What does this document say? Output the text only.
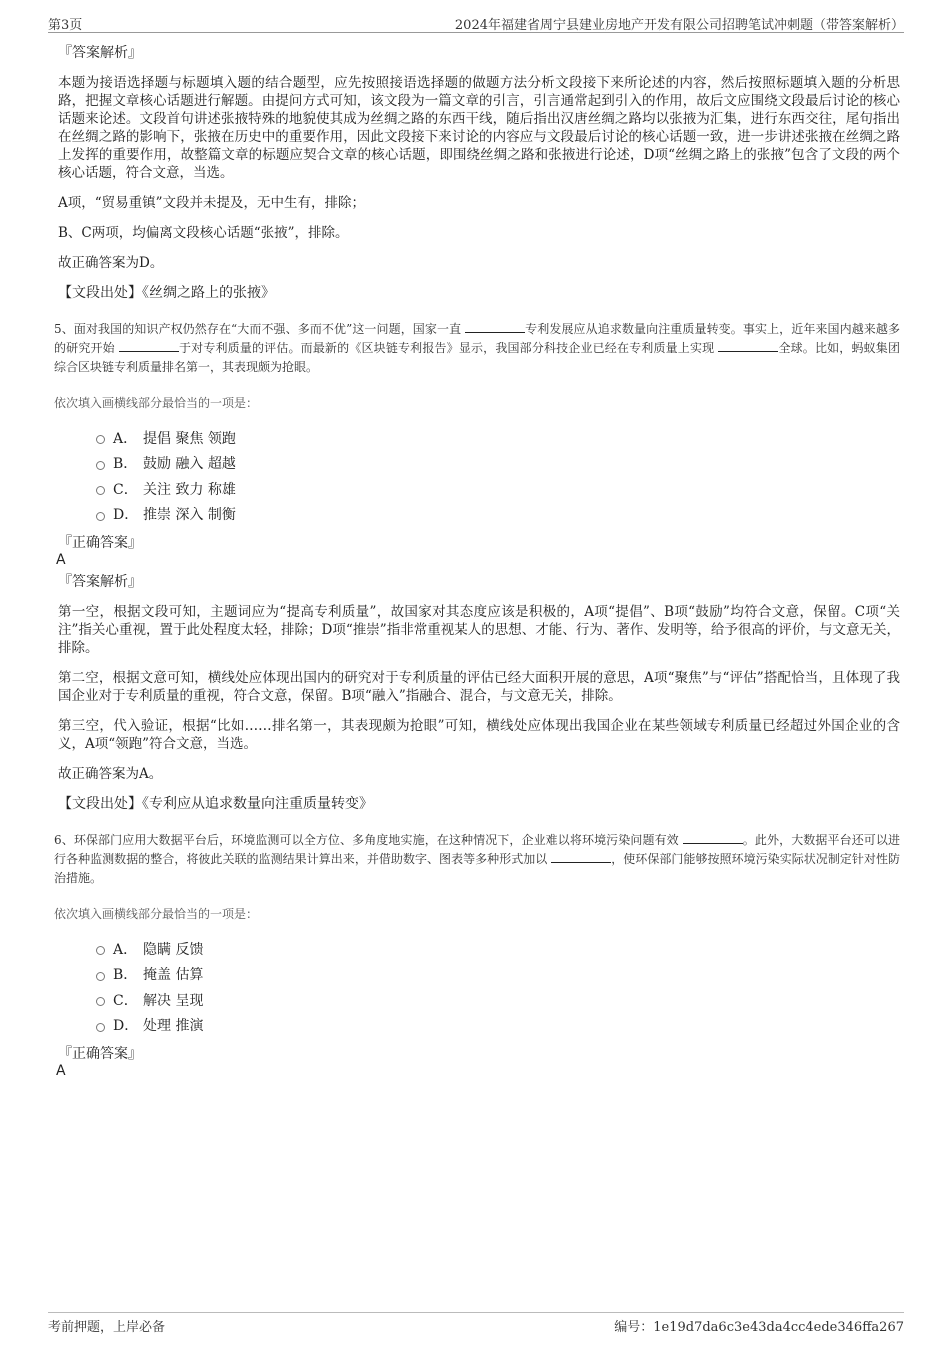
第3页	2024年福建省周宁县建业房地产开发有限公司招聘笔试冲刺题（带答案解析）
『答案解析』

本题为接语选择题与标题填入题的结合题型，应先按照接语选择题的做题方法分析文段接下来所论述的内容，然后按照标题填入题的分析思路，把握文章核心话题进行解题。由提问方式可知，该文段为一篇文章的引言，引言通常起到引入的作用，故后文应围绕文段最后讨论的核心话题来论述。文段首句讲述张掖特殊的地貌使其成为丝绸之路的东西干线，随后指出汉唐丝绸之路均以张掖为汇集，进行东西交往，尾句指出在丝绸之路的影响下，张掖在历史中的重要作用，因此文段接下来讨论的内容应与文段最后讨论的核心话题一致，进一步讲述张掖在丝绸之路上发挥的重要作用，故整篇文章的标题应契合文章的核心话题，即围绕丝绸之路和张掖进行论述，D项“丝绸之路上的张掖”包含了文段的两个核心话题，符合文意，当选。

A项，“贸易重镇”文段并未提及，无中生有，排除；

B、C两项，均偏离文段核心话题“张掖”，排除。

故正确答案为D。

【文段出处】《丝绸之路上的张掖》
5、面对我国的知识产权仍然存在“大而不强、多而不优”这一问题，国家一直	专利发展应从追求数量向注重质量转变。事实上，近年来国内越来越多的研究开始	于对专利质量的评估。而最新的《区块链专利报告》显示，我国部分科技企业已经在专利质量上实现	全球。比如，蚂蚁集团综合区块链专利质量排名第一，其表现颇为抢眼。
依次填入画横线部分最恰当的一项是：
A． 提倡 聚焦 领跑
B． 鼓励 融入 超越
C． 关注 致力 称雄
D． 推崇 深入 制衡
『正确答案』
A
『答案解析』

第一空，根据文段可知，主题词应为“提高专利质量”，故国家对其态度应该是积极的，A项“提倡”、B项“鼓励”均符合文意，保留。C项“关注”指关心重视，置于此处程度太轻，排除；D项“推崇”指非常重视某人的思想、才能、行为、著作、发明等，给予很高的评价，与文意无关，排除。

第二空，根据文意可知，横线处应体现出国内的研究对于专利质量的评估已经大面积开展的意思，A项“聚焦”与“评估”搭配恰当，且体现了我国企业对于专利质量的重视，符合文意，保留。B项“融入”指融合、混合，与文意无关，排除。

第三空，代入验证，根据“比如……排名第一，其表现颇为抢眼”可知，横线处应体现出我国企业在某些领域专利质量已经超过外国企业的含义，A项“领跑”符合文意，当选。

故正确答案为A。

【文段出处】《专利应从追求数量向注重质量转变》
6、环保部门应用大数据平台后，环境监测可以全方位、多角度地实施，在这种情况下，企业难以将环境污染问题有效	。此外，大数据平台还可以进行各种监测数据的整合，将彼此关联的监测结果计算出来，并借助数字、图表等多种形式加以	，使环保部门能够按照环境污染实际状况制定针对性防治措施。
依次填入画横线部分最恰当的一项是：
A． 隐瞒 反馈
B． 掩盖 估算
C． 解决 呈现
D． 处理 推演
『正确答案』
A
考前押题，上岸必备	编号：1e19d7da6c3e43da4cc4ede346ffa267
